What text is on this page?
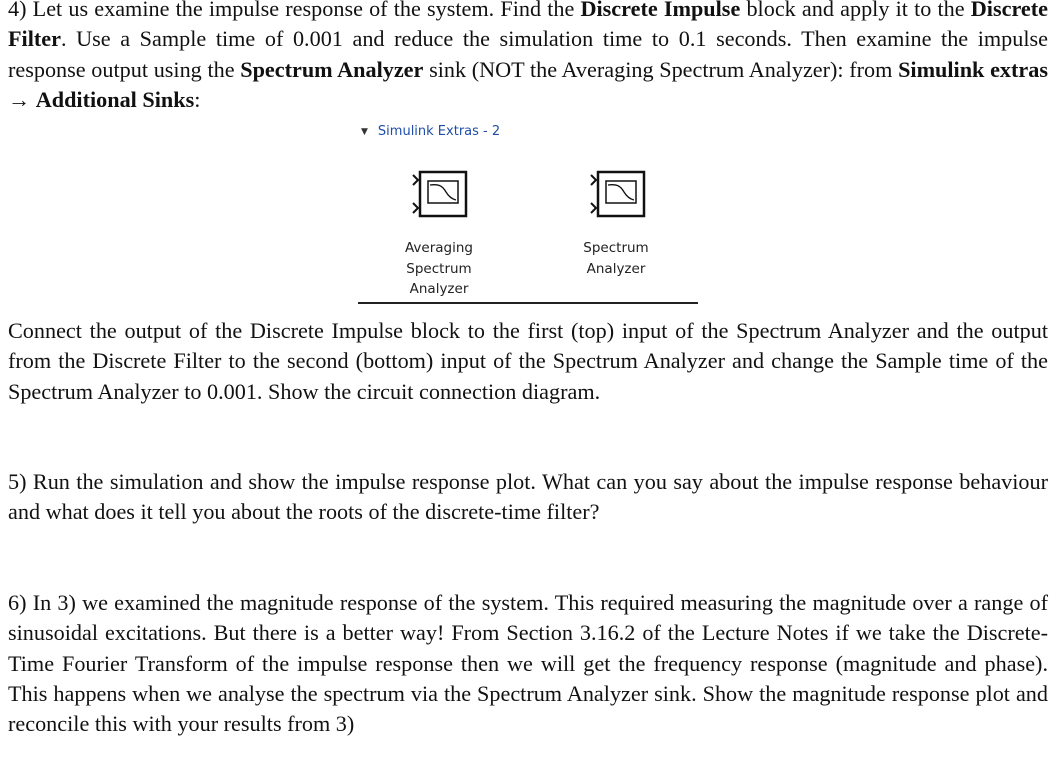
4) Let us examine the impulse response of the system. Find the Discrete Impulse block and apply it to the Discrete Filter. Use a Sample time of 0.001 and reduce the simulation time to 0.1 seconds. Then examine the impulse response output using the Spectrum Analyzer sink (NOT the Averaging Spectrum Analyzer): from Simulink extras → Additional Sinks:

▼ Simulink Extras - 2
Averaging
Spectrum
Analyzer
Spectrum
Analyzer

Connect the output of the Discrete Impulse block to the first (top) input of the Spectrum Analyzer and the output from the Discrete Filter to the second (bottom) input of the Spectrum Analyzer and change the Sample time of the Spectrum Analyzer to 0.001. Show the circuit connection diagram.

5) Run the simulation and show the impulse response plot. What can you say about the impulse response behaviour and what does it tell you about the roots of the discrete-time filter?

6) In 3) we examined the magnitude response of the system. This required measuring the magnitude over a range of sinusoidal excitations. But there is a better way! From Section 3.16.2 of the Lecture Notes if we take the Discrete-Time Fourier Transform of the impulse response then we will get the frequency response (magnitude and phase). This happens when we analyse the spectrum via the Spectrum Analyzer sink. Show the magnitude response plot and reconcile this with your results from 3)
